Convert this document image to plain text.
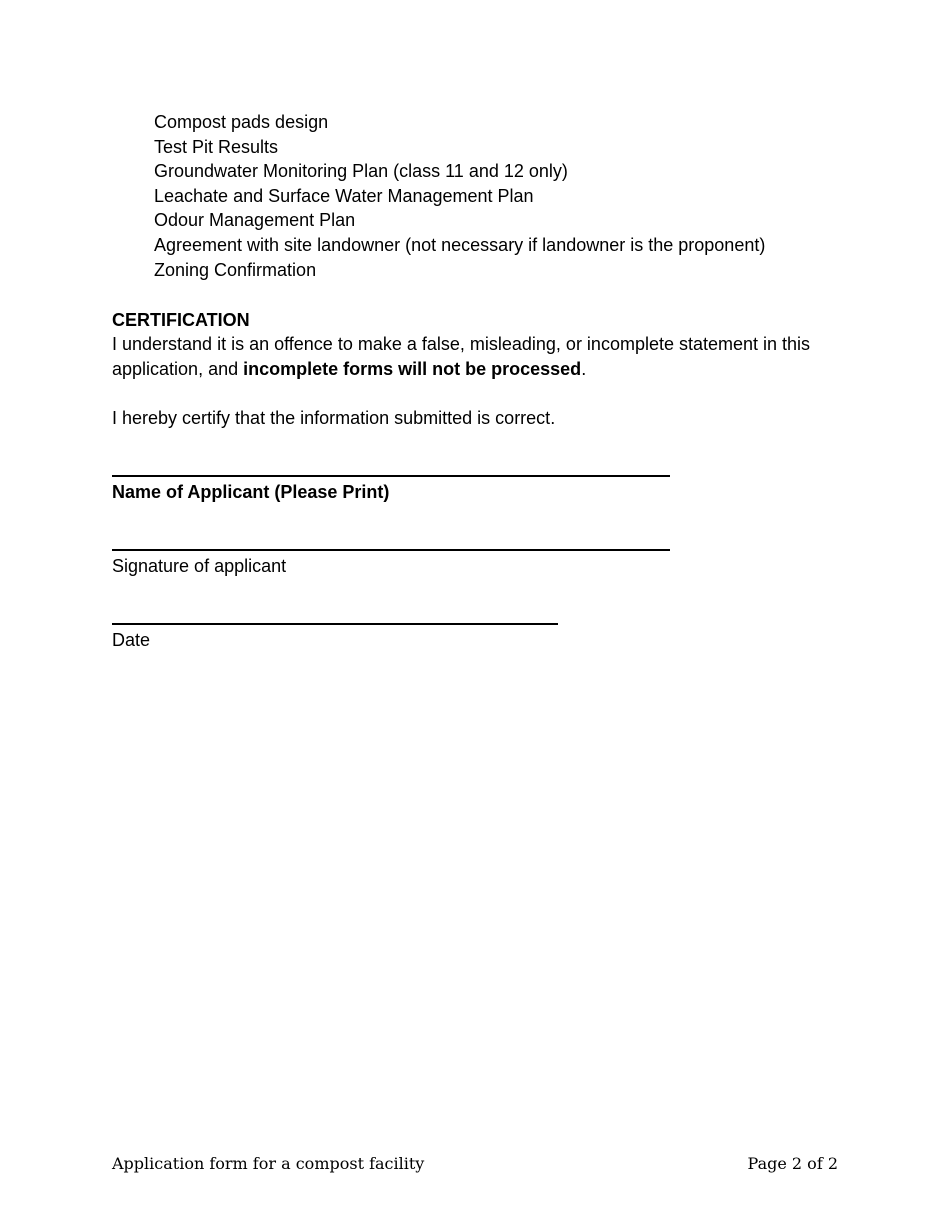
Compost pads design
Test Pit Results
Groundwater Monitoring Plan (class 11 and 12 only)
Leachate and Surface Water Management Plan
Odour Management Plan
Agreement with site landowner (not necessary if landowner is the proponent)
Zoning Confirmation
CERTIFICATION

I understand it is an offence to make a false, misleading, or incomplete statement in this application, and incomplete forms will not be processed.

I hereby certify that the information submitted is correct.

Name of Applicant (Please Print)

Signature of applicant

Date

Application form for a compost facility	Page 2 of 2
